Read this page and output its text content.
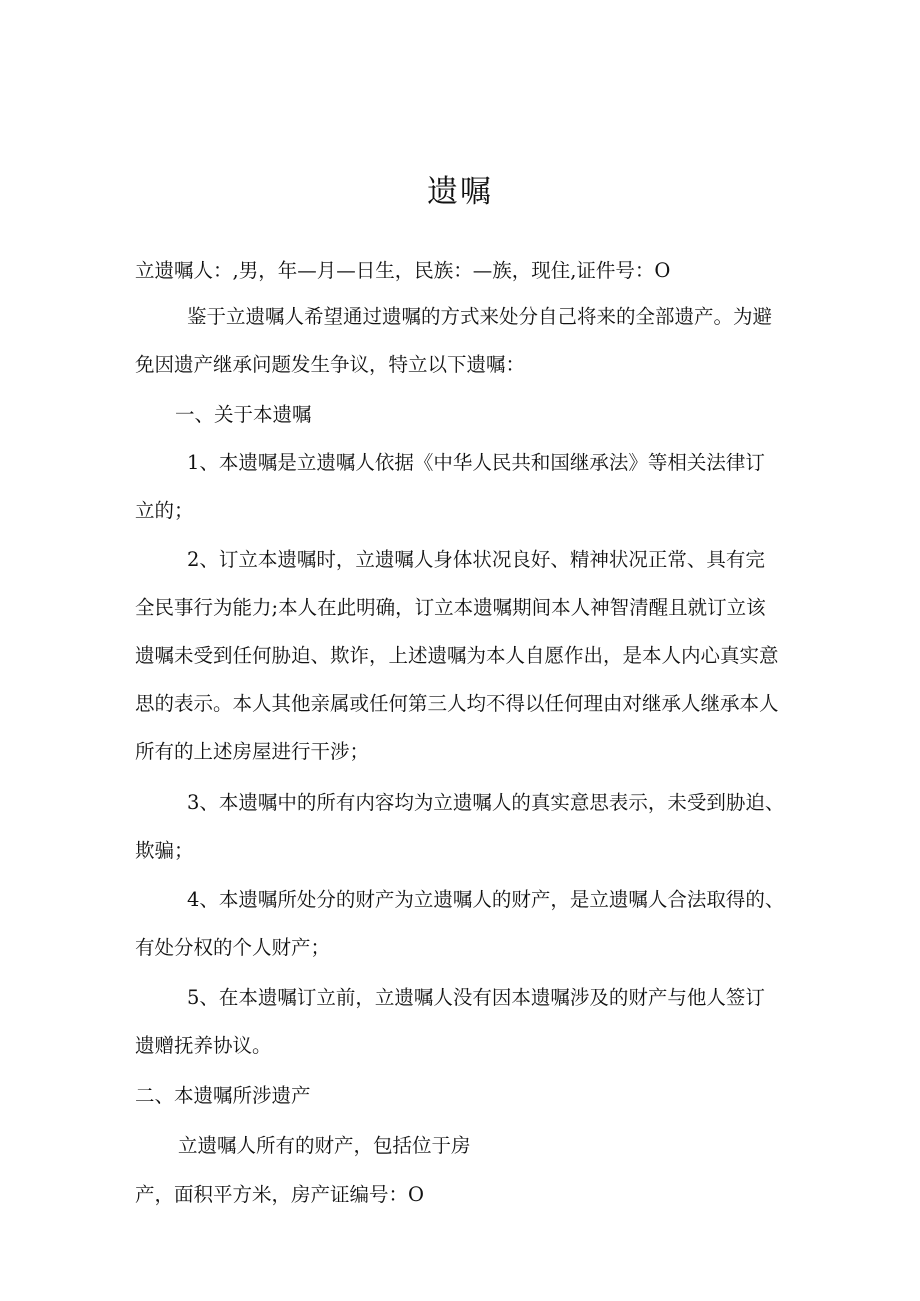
遗嘱
立遗嘱人：,男，年—月—日生，民族：—族，现住,证件号：O
鉴于立遗嘱人希望通过遗嘱的方式来处分自己将来的全部遗产。为避
免因遗产继承问题发生争议，特立以下遗嘱：
一、关于本遗嘱
1、本遗嘱是立遗嘱人依据《中华人民共和国继承法》等相关法律订
立的；
2、订立本遗嘱时，立遗嘱人身体状况良好、精神状况正常、具有完
全民事行为能力;本人在此明确，订立本遗嘱期间本人神智清醒且就订立该
遗嘱未受到任何胁迫、欺诈，上述遗嘱为本人自愿作出，是本人内心真实意
思的表示。本人其他亲属或任何第三人均不得以任何理由对继承人继承本人
所有的上述房屋进行干涉；
3、本遗嘱中的所有内容均为立遗嘱人的真实意思表示，未受到胁迫、
欺骗；
4、本遗嘱所处分的财产为立遗嘱人的财产，是立遗嘱人合法取得的、
有处分权的个人财产；
5、在本遗嘱订立前，立遗嘱人没有因本遗嘱涉及的财产与他人签订
遗赠抚养协议。
二、本遗嘱所涉遗产
立遗嘱人所有的财产，包括位于房
产，面积平方米，房产证编号：O
